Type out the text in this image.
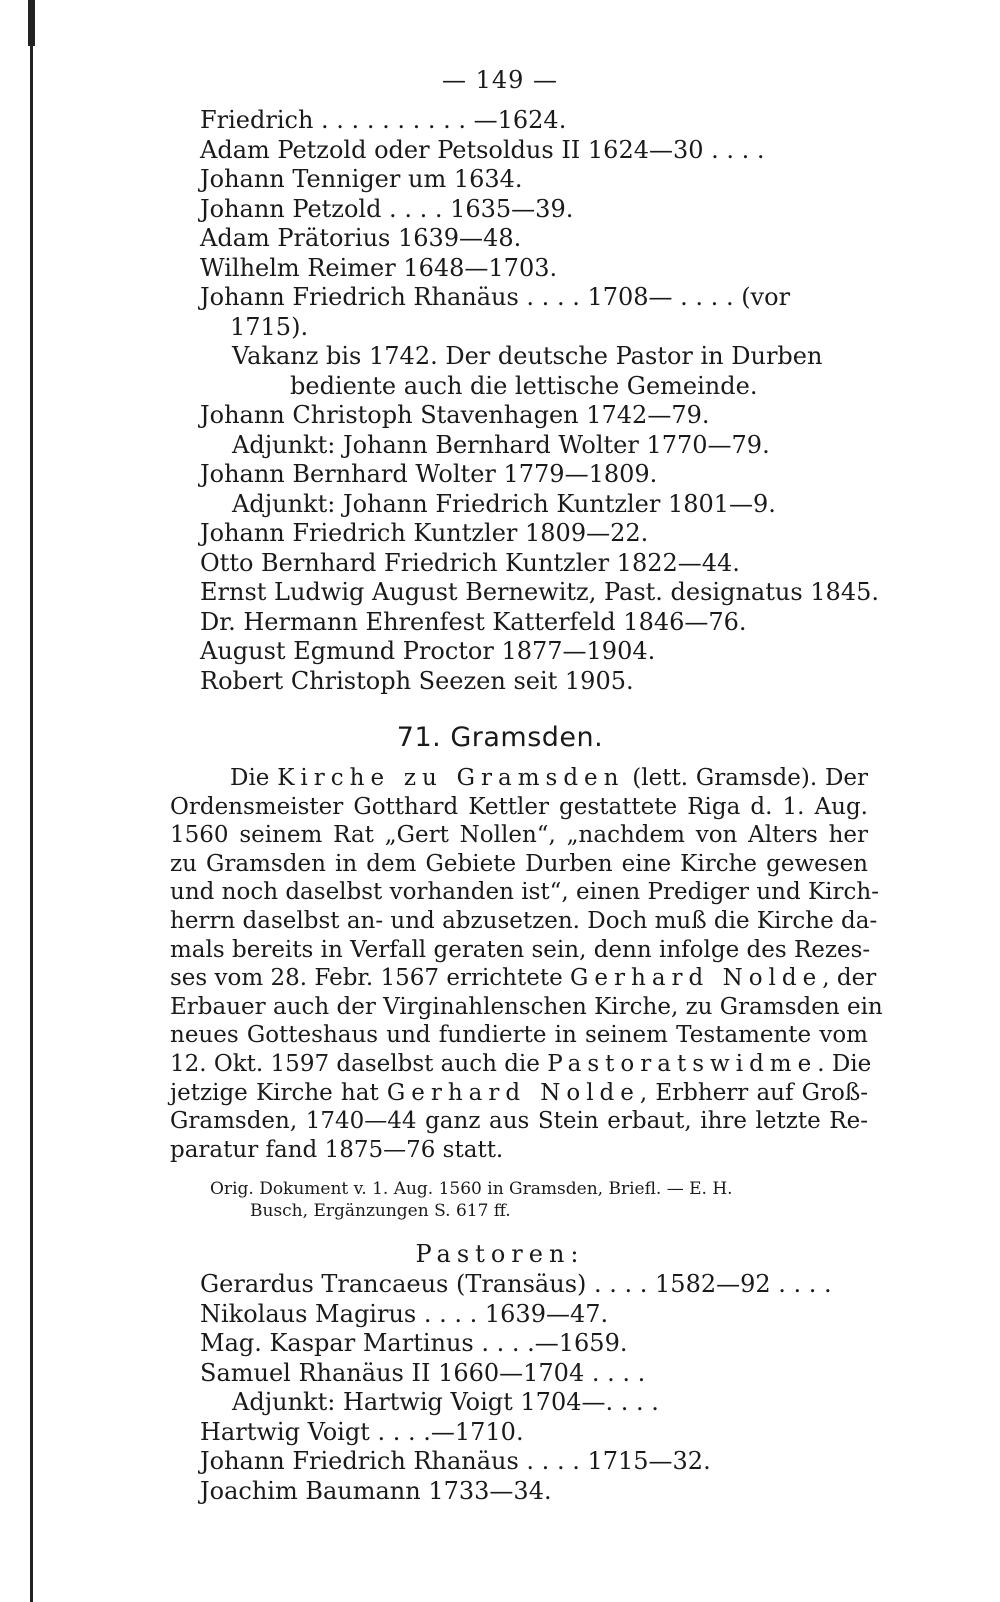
— 149 —
Friedrich . . . . . . . . . . —1624.
Adam Petzold oder Petsoldus II 1624—30 . . . .
Johann Tenniger um 1634.
Johann Petzold . . . . 1635—39.
Adam Prätorius 1639—48.
Wilhelm Reimer 1648—1703.
Johann Friedrich Rhanäus . . . . 1708— . . . . (vor
1715).
Vakanz bis 1742. Der deutsche Pastor in Durben bediente auch die lettische Gemeinde.
Johann Christoph Stavenhagen 1742—79.
Adjunkt: Johann Bernhard Wolter 1770—79.
Johann Bernhard Wolter 1779—1809.
Adjunkt: Johann Friedrich Kuntzler 1801—9.
Johann Friedrich Kuntzler 1809—22.
Otto Bernhard Friedrich Kuntzler 1822—44.
Ernst Ludwig August Bernewitz, Past. designatus 1845.
Dr. Hermann Ehrenfest Katterfeld 1846—76.
August Egmund Proctor 1877—1904.
Robert Christoph Seezen seit 1905.
71. Gramsden.
Die Kirche zu Gramsden (lett. Gramsde). Der
Ordensmeister Gotthard Kettler gestattete Riga d. 1. Aug.
1560 seinem Rat „Gert Nollen“, „nachdem von Alters her
zu Gramsden in dem Gebiete Durben eine Kirche gewesen
und noch daselbst vorhanden ist“, einen Prediger und Kirch-
herrn daselbst an- und abzusetzen. Doch muß die Kirche da-
mals bereits in Verfall geraten sein, denn infolge des Rezes-
ses vom 28. Febr. 1567 errichtete Gerhard Nolde, der
Erbauer auch der Virginahlenschen Kirche, zu Gramsden ein
neues Gotteshaus und fundierte in seinem Testamente vom
12. Okt. 1597 daselbst auch die Pastoratswidme. Die
jetzige Kirche hat Gerhard Nolde, Erbherr auf Groß-
Gramsden, 1740—44 ganz aus Stein erbaut, ihre letzte Re-
paratur fand 1875—76 statt.
Orig. Dokument v. 1. Aug. 1560 in Gramsden, Briefl. — E. H.
Busch, Ergänzungen S. 617 ff.
Pastoren:
Gerardus Trancaeus (Transäus) . . . . 1582—92 . . . .
Nikolaus Magirus . . . . 1639—47.
Mag. Kaspar Martinus . . . .—1659.
Samuel Rhanäus II 1660—1704 . . . .
Adjunkt: Hartwig Voigt 1704—. . . .
Hartwig Voigt . . . .—1710.
Johann Friedrich Rhanäus . . . . 1715—32.
Joachim Baumann 1733—34.
